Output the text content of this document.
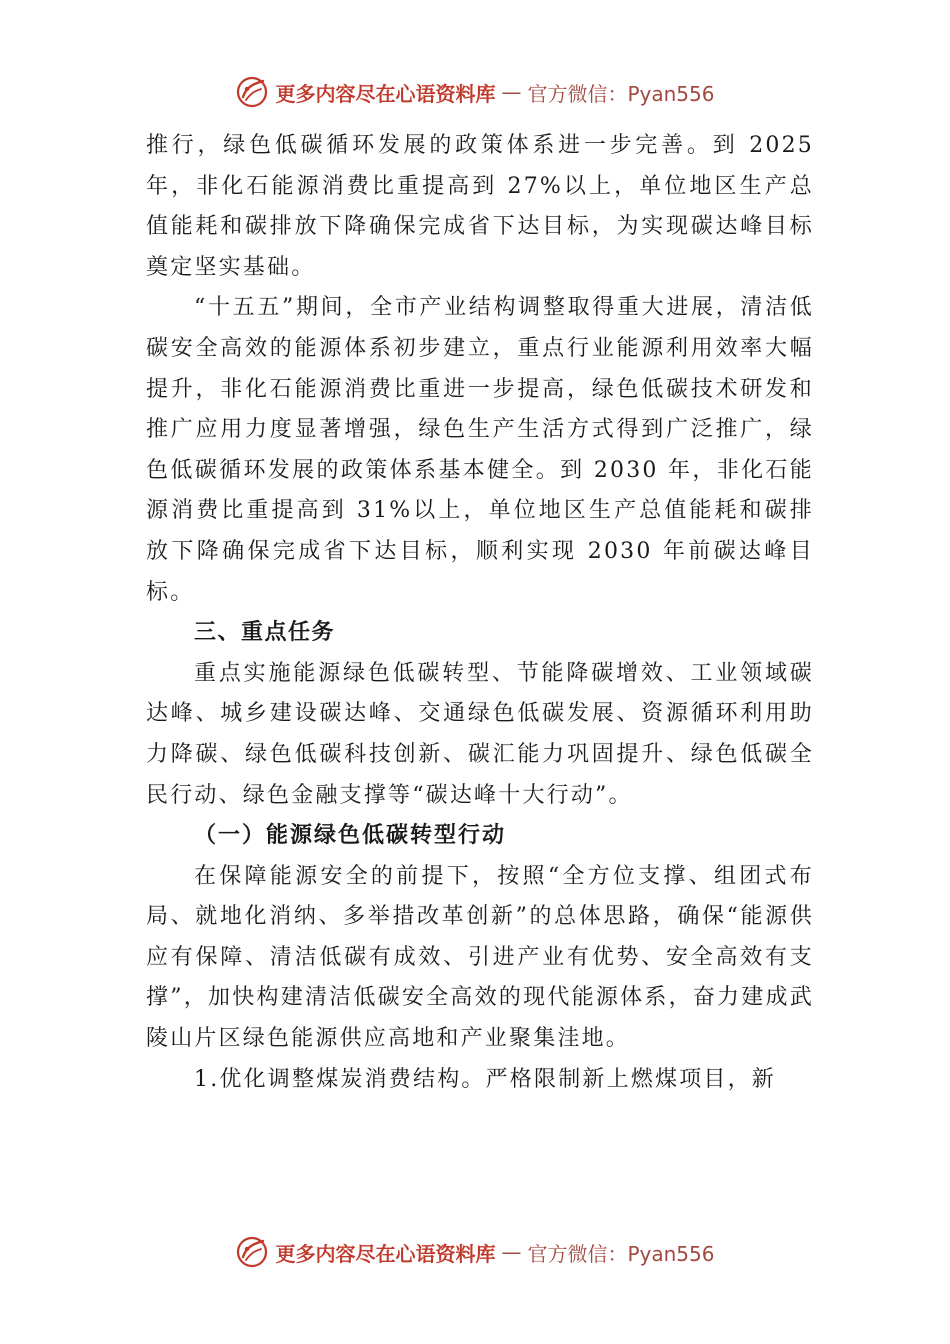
更多内容尽在心语资料库 — 官方微信：Pyan556

推行，绿色低碳循环发展的政策体系进一步完善。到 2025 年，非化石能源消费比重提高到 27%以上，单位地区生产总值能耗和碳排放下降确保完成省下达目标，为实现碳达峰目标奠定坚实基础。

“十五五”期间，全市产业结构调整取得重大进展，清洁低碳安全高效的能源体系初步建立，重点行业能源利用效率大幅提升，非化石能源消费比重进一步提高，绿色低碳技术研发和推广应用力度显著增强，绿色生产生活方式得到广泛推广，绿色低碳循环发展的政策体系基本健全。到 2030 年，非化石能源消费比重提高到 31%以上，单位地区生产总值能耗和碳排放下降确保完成省下达目标，顺利实现 2030 年前碳达峰目标。

三、重点任务

重点实施能源绿色低碳转型、节能降碳增效、工业领域碳达峰、城乡建设碳达峰、交通绿色低碳发展、资源循环利用助力降碳、绿色低碳科技创新、碳汇能力巩固提升、绿色低碳全民行动、绿色金融支撑等“碳达峰十大行动”。

（一）能源绿色低碳转型行动

在保障能源安全的前提下，按照“全方位支撑、组团式布局、就地化消纳、多举措改革创新”的总体思路，确保“能源供应有保障、清洁低碳有成效、引进产业有优势、安全高效有支撑”，加快构建清洁低碳安全高效的现代能源体系，奋力建成武陵山片区绿色能源供应高地和产业聚集洼地。

1.优化调整煤炭消费结构。严格限制新上燃煤项目，新

更多内容尽在心语资料库 — 官方微信：Pyan556
